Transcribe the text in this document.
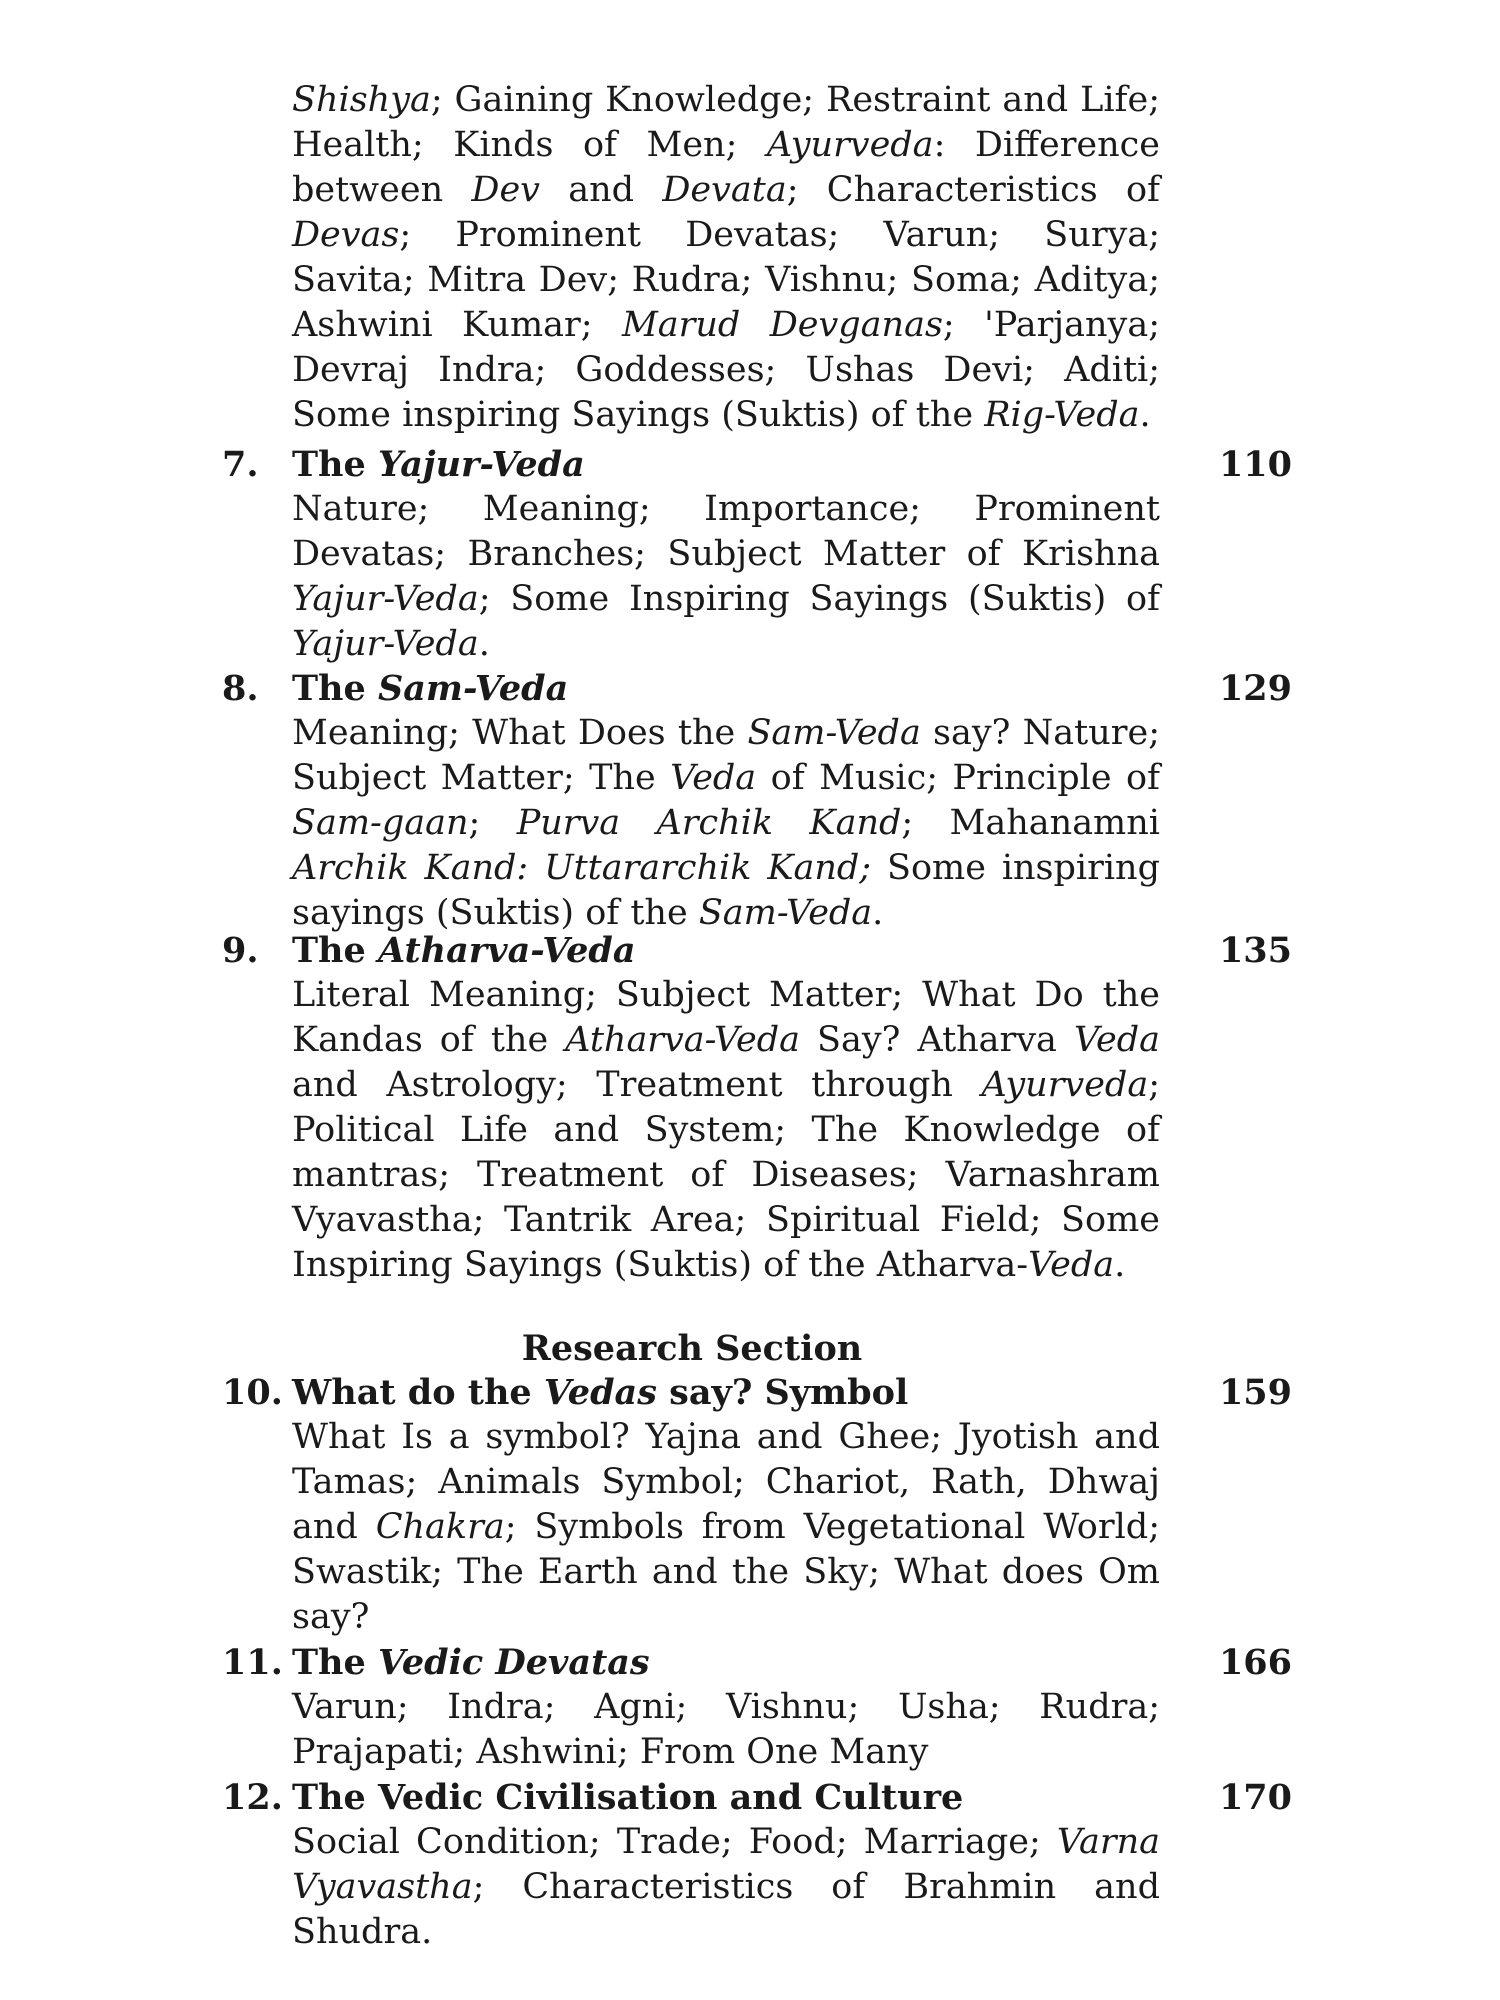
Shishya; Gaining Knowledge; Restraint and Life; Health; Kinds of Men; Ayurveda: Difference between Dev and Devata; Characteristics of Devas; Prominent Devatas; Varun; Surya; Savita; Mitra Dev; Rudra; Vishnu; Soma; Aditya; Ashwini Kumar; Marud Devganas; 'Parjanya; Devraj Indra; Goddesses; Ushas Devi; Aditi; Some inspiring Sayings (Suktis) of the Rig-Veda.
7. The Yajur-Veda	110
Nature; Meaning; Importance; Prominent Devatas; Branches; Subject Matter of Krishna Yajur-Veda; Some Inspiring Sayings (Suktis) of Yajur-Veda.
8. The Sam-Veda	129
Meaning; What Does the Sam-Veda say? Nature; Subject Matter; The Veda of Music; Principle of Sam-gaan; Purva Archik Kand; Mahanamni Archik Kand: Uttararchik Kand; Some inspiring sayings (Suktis) of the Sam-Veda.
9. The Atharva-Veda	135
Literal Meaning; Subject Matter; What Do the Kandas of the Atharva-Veda Say? Atharva Veda and Astrology; Treatment through Ayurveda; Political Life and System; The Knowledge of mantras; Treatment of Diseases; Varnashram Vyavastha; Tantrik Area; Spiritual Field; Some Inspiring Sayings (Suktis) of the Atharva-Veda.
Research Section
10. What do the Vedas say? Symbol	159
What Is a symbol? Yajna and Ghee; Jyotish and Tamas; Animals Symbol; Chariot, Rath, Dhwaj and Chakra; Symbols from Vegetational World; Swastik; The Earth and the Sky; What does Om say?
11. The Vedic Devatas	166
Varun; Indra; Agni; Vishnu; Usha; Rudra; Prajapati; Ashwini; From One Many
12. The Vedic Civilisation and Culture	170
Social Condition; Trade; Food; Marriage; Varna Vyavastha; Characteristics of Brahmin and Shudra.
